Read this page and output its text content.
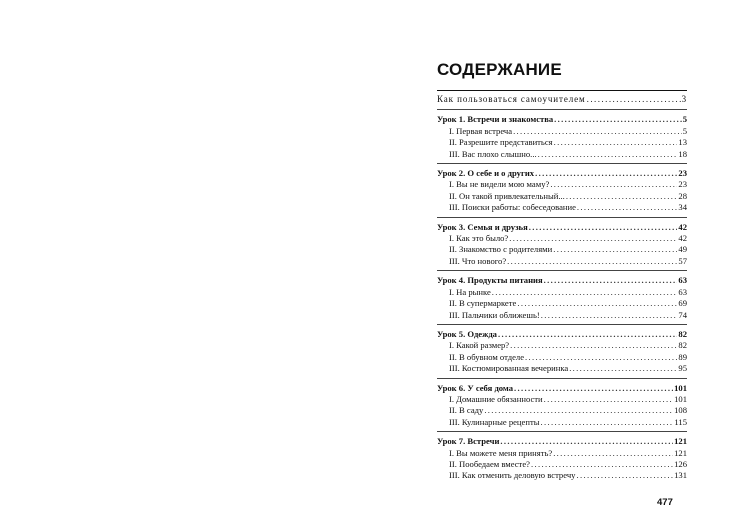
СОДЕРЖАНИЕ
Как пользоваться самоучителем . . .	3
Урок 1. Встречи и знакомства . . .	5
I. Первая встреча . . .	5
II. Разрешите представиться . . .	13
III. Вас плохо слышно... . . .	18
Урок 2. О себе и о других . . .	23
I. Вы не видели мою маму? . . .	23
II. Он такой привлекательный... . . .	28
III. Поиски работы: собеседование . . .	34
Урок 3. Семья и друзья . . .	42
I. Как это было? . . .	42
II. Знакомство с родителями . . .	49
III. Что нового? . . .	57
Урок 4. Продукты питания . . .	63
I. На рынке . . .	63
II. В супермаркете . . .	69
III. Пальчики оближешь! . . .	74
Урок 5. Одежда . . .	82
I. Какой размер? . . .	82
II. В обувном отделе . . .	89
III. Костюмированная вечеринка . . .	95
Урок 6. У себя дома . . .	101
I. Домашние обязанности . . .	101
II. В саду . . .	108
III. Кулинарные рецепты . . .	115
Урок 7. Встречи . . .	121
I. Вы можете меня принять? . . .	121
II. Пообедаем вместе? . . .	126
III. Как отменить деловую встречу . . .	131
477
